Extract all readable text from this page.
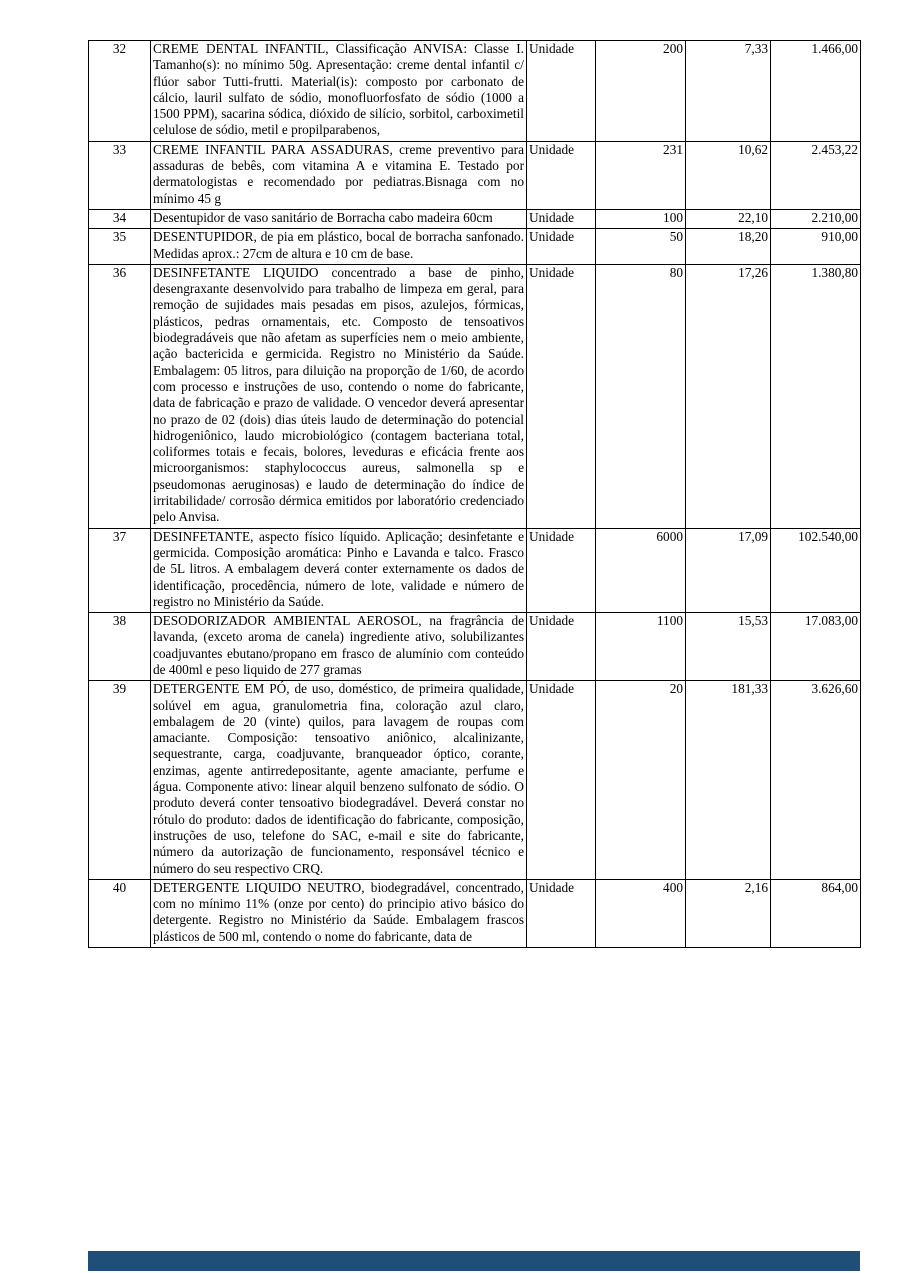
32	CREME DENTAL INFANTIL, Classificação ANVISA: Classe I. Tamanho(s): no mínimo 50g. Apresentação: creme dental infantil c/ flúor sabor Tutti-frutti. Material(is): composto por carbonato de cálcio, lauril sulfato de sódio, monofluorfosfato de sódio (1000 a 1500 PPM), sacarina sódica, dióxido de silício, sorbitol, carboximetil celulose de sódio, metil e propilparabenos,	Unidade	200	7,33	1.466,00
33	CREME INFANTIL PARA ASSADURAS, creme preventivo para assaduras de bebês, com vitamina A e vitamina E. Testado por dermatologistas e recomendado por pediatras.Bisnaga com no mínimo 45 g	Unidade	231	10,62	2.453,22
34	Desentupidor de vaso sanitário de Borracha cabo madeira 60cm	Unidade	100	22,10	2.210,00
35	DESENTUPIDOR, de pia em plástico, bocal de borracha sanfonado. Medidas aprox.: 27cm de altura e 10 cm de base.	Unidade	50	18,20	910,00
36	DESINFETANTE LIQUIDO concentrado a base de pinho, desengraxante desenvolvido para trabalho de limpeza em geral, para remoção de sujidades mais pesadas em pisos, azulejos, fórmicas, plásticos, pedras ornamentais, etc. Composto de tensoativos biodegradáveis que não afetam as superfícies nem o meio ambiente, ação bactericida e germicida. Registro no Ministério da Saúde. Embalagem: 05 litros, para diluição na proporção de 1/60, de acordo com processo e instruções de uso, contendo o nome do fabricante, data de fabricação e prazo de validade. O vencedor deverá apresentar no prazo de 02 (dois) dias úteis laudo de determinação do potencial hidrogeniônico, laudo microbiológico (contagem bacteriana total, coliformes totais e fecais, bolores, leveduras e eficácia frente aos microorganismos: staphylococcus aureus, salmonella sp e pseudomonas aeruginosas) e laudo de determinação do índice de irritabilidade/ corrosão dérmica emitidos por laboratório credenciado pelo Anvisa.	Unidade	80	17,26	1.380,80
37	DESINFETANTE, aspecto físico líquido. Aplicação; desinfetante e germicida. Composição aromática: Pinho e Lavanda e talco. Frasco de 5L litros. A embalagem deverá conter externamente os dados de identificação, procedência, número de lote, validade e número de registro no Ministério da Saúde.	Unidade	6000	17,09	102.540,00
38	DESODORIZADOR AMBIENTAL AEROSOL, na fragrância de lavanda, (exceto aroma de canela) ingrediente ativo, solubilizantes coadjuvantes ebutano/propano em frasco de alumínio com conteúdo de 400ml e peso liquido de 277 gramas	Unidade	1100	15,53	17.083,00
39	DETERGENTE EM PÓ, de uso, doméstico, de primeira qualidade, solúvel em agua, granulometria fina, coloração azul claro, embalagem de 20 (vinte) quilos, para lavagem de roupas com amaciante. Composição: tensoativo aniônico, alcalinizante, sequestrante, carga, coadjuvante, branqueador óptico, corante, enzimas, agente antirredepositante, agente amaciante, perfume e água. Componente ativo: linear alquil benzeno sulfonato de sódio. O produto deverá conter tensoativo biodegradável. Deverá constar no rótulo do produto: dados de identificação do fabricante, composição, instruções de uso, telefone do SAC, e-mail e site do fabricante, número da autorização de funcionamento, responsável técnico e número do seu respectivo CRQ.	Unidade	20	181,33	3.626,60
40	DETERGENTE LIQUIDO NEUTRO, biodegradável, concentrado, com no mínimo 11% (onze por cento) do principio ativo básico do detergente. Registro no Ministério da Saúde. Embalagem frascos plásticos de 500 ml, contendo o nome do fabricante, data de	Unidade	400	2,16	864,00
